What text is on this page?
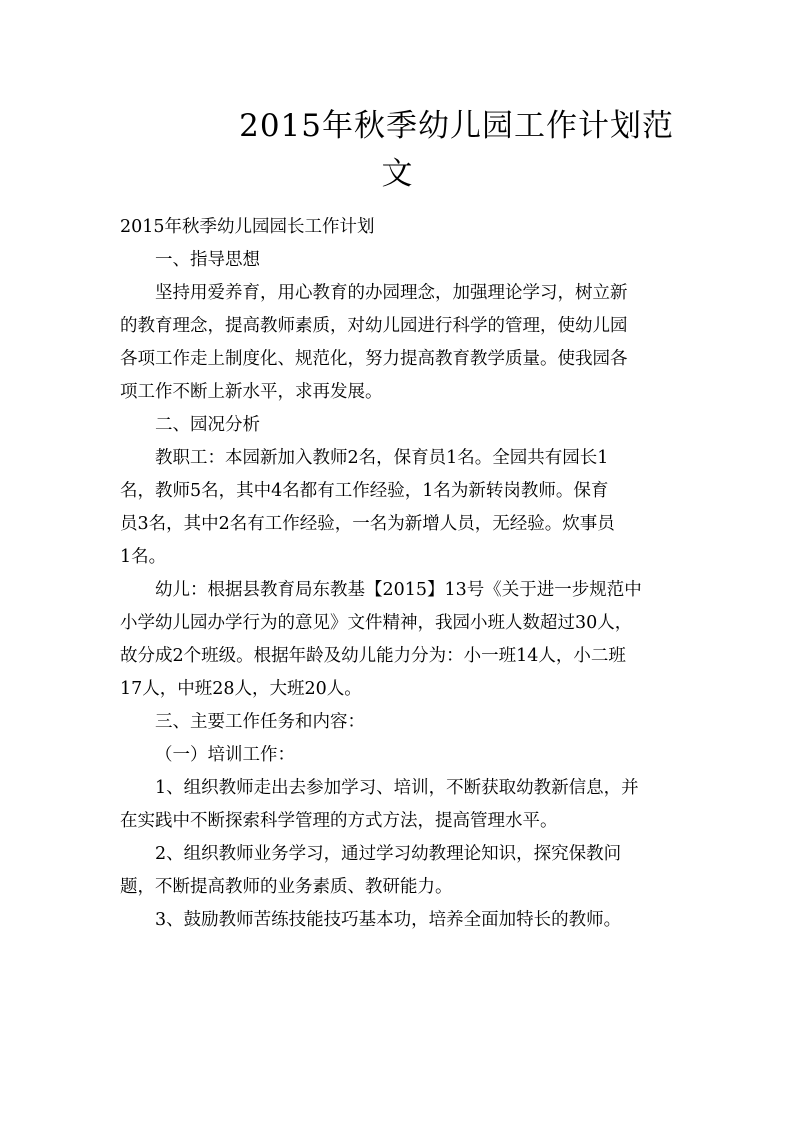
2015年秋季幼儿园工作计划范
文
2015年秋季幼儿园园长工作计划
一、指导思想
坚持用爱养育，用心教育的办园理念，加强理论学习，树立新
的教育理念，提高教师素质，对幼儿园进行科学的管理，使幼儿园
各项工作走上制度化、规范化，努力提高教育教学质量。使我园各
项工作不断上新水平，求再发展。
二、园况分析
教职工：本园新加入教师2名，保育员1名。全园共有园长1
名，教师5名，其中4名都有工作经验，1名为新转岗教师。保育
员3名，其中2名有工作经验，一名为新增人员，无经验。炊事员
1名。
幼儿：根据县教育局东教基【2015】13号《关于进一步规范中
小学幼儿园办学行为的意见》文件精神，我园小班人数超过30人，
故分成2个班级。根据年龄及幼儿能力分为：小一班14人，小二班
17人，中班28人，大班20人。
三、主要工作任务和内容：
（一）培训工作：
1、组织教师走出去参加学习、培训，不断获取幼教新信息，并
在实践中不断探索科学管理的方式方法，提高管理水平。
2、组织教师业务学习，通过学习幼教理论知识，探究保教问
题，不断提高教师的业务素质、教研能力。
3、鼓励教师苦练技能技巧基本功，培养全面加特长的教师。
